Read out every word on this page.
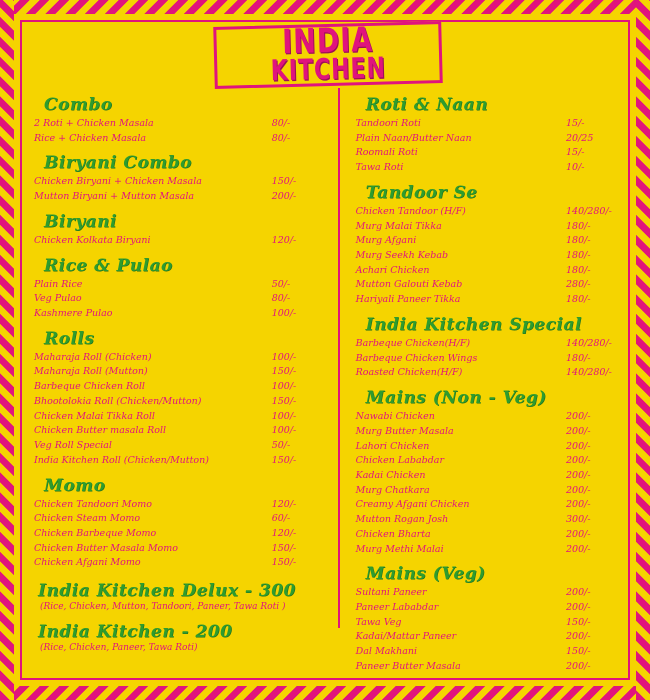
INDIA
KITCHEN
Combo
2 Roti + Chicken Masala	80/-
Rice + Chicken Masala	80/-
Biryani Combo
Chicken Biryani + Chicken Masala	150/-
Mutton Biryani + Mutton Masala	200/-
Biryani
Chicken Kolkata Biryani	120/-
Rice & Pulao
Plain Rice	50/-
Veg Pulao	80/-
Kashmere Pulao	100/-
Rolls
Maharaja Roll (Chicken)	100/-
Maharaja Roll (Mutton)	150/-
Barbeque Chicken Roll	100/-
Bhootolokia Roll (Chicken/Mutton)	150/-
Chicken Malai Tikka Roll	100/-
Chicken Butter masala Roll	100/-
Veg Roll Special	50/-
India Kitchen Roll (Chicken/Mutton)	150/-
Momo
Chicken Tandoori Momo	120/-
Chicken Steam Momo	60/-
Chicken Barbeque Momo	120/-
Chicken Butter Masala Momo	150/-
Chicken Afgani Momo	150/-
India Kitchen Delux - 300
(Rice, Chicken, Mutton, Tandoori, Paneer, Tawa Roti )
India Kitchen - 200
(Rice, Chicken, Paneer, Tawa Roti)
Roti & Naan
Tandoori Roti	15/-
Plain Naan/Butter Naan	20/25
Roomali Roti	15/-
Tawa Roti	10/-
Tandoor Se
Chicken Tandoor (H/F)	140/280/-
Murg Malai Tikka	180/-
Murg Afgani	180/-
Murg Seekh Kebab	180/-
Achari Chicken	180/-
Mutton Galouti Kebab	280/-
Hariyali Paneer Tikka	180/-
India Kitchen Special
Barbeque Chicken(H/F)	140/280/-
Barbeque Chicken Wings	180/-
Roasted Chicken(H/F)	140/280/-
Mains (Non - Veg)
Nawabi Chicken	200/-
Murg Butter Masala	200/-
Lahori Chicken	200/-
Chicken Lababdar	200/-
Kadai Chicken	200/-
Murg Chatkara	200/-
Creamy Afgani Chicken	200/-
Mutton Rogan Josh	300/-
Chicken Bharta	200/-
Murg Methi Malai	200/-
Mains (Veg)
Sultani Paneer	200/-
Paneer Lababdar	200/-
Tawa Veg	150/-
Kadai/Mattar Paneer	200/-
Dal Makhani	150/-
Paneer Butter Masala	200/-
